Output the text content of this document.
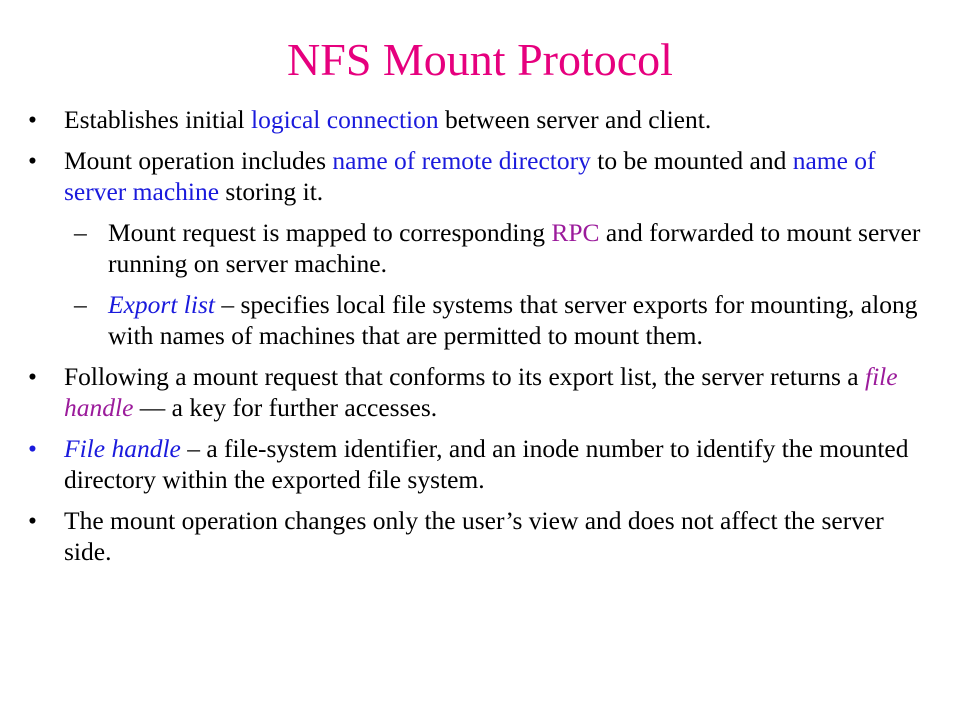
NFS Mount Protocol
• Establishes initial logical connection between server and client.
• Mount operation includes name of remote directory to be mounted and name of server machine storing it.
– Mount request is mapped to corresponding RPC and forwarded to mount server running on server machine.
– Export list – specifies local file systems that server exports for mounting, along with names of machines that are permitted to mount them.
• Following a mount request that conforms to its export list, the server returns a file handle — a key for further accesses.
• File handle – a file-system identifier, and an inode number to identify the mounted directory within the exported file system.
• The mount operation changes only the user’s view and does not affect the server side.
